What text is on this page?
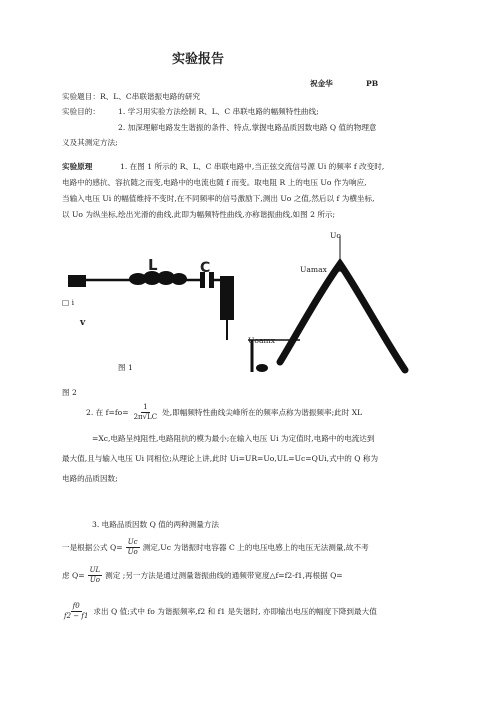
实验报告
祝金华	PB
实验题目：R、L、C串联谐振电路的研究
实验目的： 1. 学习用实验方法绘制 R、L、C 串联电路的幅频特性曲线;
2. 加深理解电路发生谐振的条件、特点,掌握电路品质因数电路 Q 值的物理意
义及其测定方法;
实验原理	1. 在图 1 所示的 R、L、C 串联电路中,当正弦交流信号源 Ui 的频率 f 改变时,
电路中的感抗、容抗随之而变,电路中的电流也随 f 而变。取电阻 R 上的电压 Uo 作为响应,
当输入电压 Ui 的幅值维持不变时,在不同频率的信号激励下,测出 Uo 之值,然后以 f 为横坐标,
以 Uo 为纵坐标,绘出光滑的曲线,此即为幅频特性曲线,亦称谐振曲线,如图 2 所示;
L	C
□ i
v
图 1
Uo
Uamax
Uoamx
图 2
2. 在 $f=fo= \frac{1}{2\pi√LC}$ 处,即幅频特性曲线尖峰所在的频率点称为谐振频率;此时 XL
=Xc,电路呈纯阻性,电路阻抗的模为最小;在输入电压 Ui 为定值时,电路中的电流达到
最大值,且与输入电压 Ui 同相位;从理论上讲,此时 Ui=UR=Uo,UL=Uc=QUi,式中的 Q 称为
电路的品质因数;
3. 电路品质因数 Q 值的两种测量方法
一是根据公式 $Q= \frac{Uc}{Uo}$ 测定,Uc 为谐振时电容器 C 上的电压电感上的电压无法测量,故不考
虑 $Q= \frac{UL}{Uo}$ 测定 ;另一方法是通过测量谐振曲线的通频带宽度△f=f2-f1,再根据 Q=
$\frac{f0}{f2 - f1}$ 求出 Q 值;式中 fo 为谐振频率,f2 和 f1 是失谐时, 亦即输出电压的幅度下降到最大值
